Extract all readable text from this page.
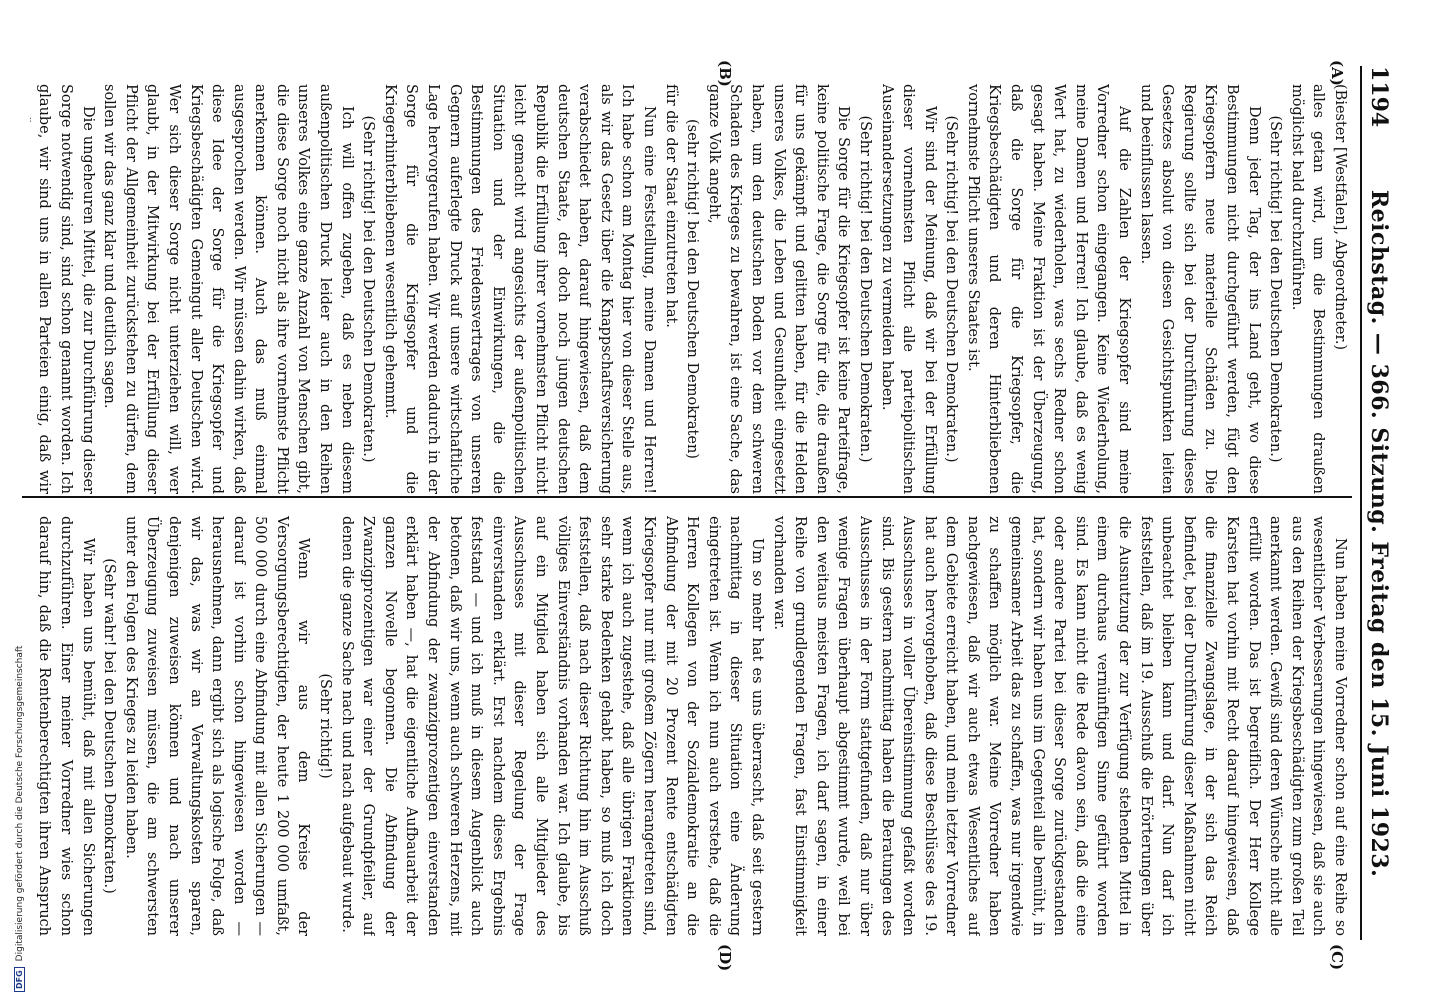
1194
Reichstag. — 366. Sitzung. Freitag den 15. Juni 1923.
(A)
(B)
(C)
(D)

(Biester [Westfalen], Abgeordneter.)

alles getan wird, um die Bestimmungen draußen möglichst bald durchzuführen.

(Sehr richtig! bei den Deutschen Demokraten.)

Denn jeder Tag, der ins Land geht, wo diese Bestimmungen nicht durchgeführt werden, fügt den Kriegsopfern neue materielle Schäden zu. Die Regierung sollte sich bei der Durchführung dieses Gesetzes absolut von diesen Gesichtspunkten leiten und beeinflussen lassen.

Auf die Zahlen der Kriegsopfer sind meine Vorredner schon eingegangen. Keine Wiederholung, meine Damen und Herren! Ich glaube, daß es wenig Wert hat, zu wiederholen, was sechs Redner schon gesagt haben. Meine Fraktion ist der Überzeugung, daß die Sorge für die Kriegsopfer, die Kriegsbeschädigten und deren Hinterbliebenen vornehmste Pflicht unseres Staates ist.

(Sehr richtig! bei den Deutschen Demokraten.)

Wir sind der Meinung, daß wir bei der Erfüllung dieser vornehmsten Pflicht alle parteipolitischen Auseinandersetzungen zu vermeiden haben.

(Sehr richtig! bei den Deutschen Demokraten.)

Die Sorge für die Kriegsopfer ist keine Parteifrage, keine politische Frage, die Sorge für die, die draußen für uns gekämpft und gelitten haben, für die Helden unseres Volkes, die Leben und Gesundheit eingesetzt haben, um den deutschen Boden vor dem schweren Schaden des Krieges zu bewahren, ist eine Sache, das ganze Volk angeht,

(sehr richtig! bei den Deutschen Demokraten)

für die der Staat einzutreten hat.

Nun eine Feststellung, meine Damen und Herren! Ich habe schon am Montag hier von dieser Stelle aus, als wir das Gesetz über die Knappschaftsversicherung verabschiedet haben, darauf hingewiesen, daß dem deutschen Staate, der doch noch jungen deutschen Republik die Erfüllung ihrer vornehmsten Pflicht nicht leicht gemacht wird angesichts der außenpolitischen Situation und der Einwirkungen, die die Bestimmungen des Friedensvertrages von unseren Gegnern auferlegte Druck auf unsere wirtschaftliche Lage hervorgerufen haben. Wir werden dadurch in der Sorge für die Kriegsopfer und die Kriegerhinterbliebenen wesentlich gehemmt.

(Sehr richtig! bei den Deutschen Demokraten.)

Ich will offen zugeben, daß es neben diesem außenpolitischen Druck leider auch in den Reihen unseres Volkes eine ganze Anzahl von Menschen gibt, die diese Sorge noch nicht als ihre vornehmste Pflicht anerkennen können. Auch das muß einmal ausgesprochen werden. Wir müssen dahin wirken, daß diese Idee der Sorge für die Kriegsopfer und Kriegsbeschädigten Gemeingut aller Deutschen wird. Wer sich dieser Sorge nicht unterziehen will, wer glaubt, in der Mitwirkung bei der Erfüllung dieser Pflicht der Allgemeinheit zurückstehen zu dürfen, dem sollen wir das ganz klar und deutlich sagen.

Die ungeheuren Mittel, die zur Durchführung dieser Sorge notwendig sind, sind schon genannt worden. Ich glaube, wir sind uns in allen Parteien einig, daß wir

Nun haben meine Vorredner schon auf eine Reihe so wesentlicher Verbesserungen hingewiesen, daß sie auch aus den Reihen der Kriegsbeschädigten zum großen Teil anerkannt werden. Gewiß sind deren Wünsche nicht alle erfüllt worden. Das ist begreiflich. Der Herr Kollege Karsten hat vorhin mit Recht darauf hingewiesen, daß die finanzielle Zwangslage, in der sich das Reich befindet, bei der Durchführung dieser Maßnahmen nicht unbeachtet bleiben kann und darf. Nun darf ich feststellen, daß im 19. Ausschuß die Erörterungen über die Ausnutzung der zur Verfügung stehenden Mittel in einem durchaus vernünftigen Sinne geführt worden sind. Es kann nicht die Rede davon sein, daß die eine oder andere Partei bei dieser Sorge zurückgestanden hat, sondern wir haben uns im Gegenteil alle bemüht, in gemeinsamer Arbeit das zu schaffen, was nur irgendwie zu schaffen möglich war. Meine Vorredner haben nachgewiesen, daß wir auch etwas Wesentliches auf dem Gebiete erreicht haben, und mein letzter Vorredner hat auch hervorgehoben, daß diese Beschlüsse des 19. Ausschusses in voller Übereinstimmung gefaßt worden sind. Bis gestern nachmittag haben die Beratungen des Ausschusses in der Form stattgefunden, daß nur über wenige Fragen überhaupt abgestimmt wurde, weil bei den weitaus meisten Fragen, ich darf sagen, in einer Reihe von grundlegenden Fragen, fast Einstimmigkeit vorhanden war.

Um so mehr hat es uns überrascht, daß seit gestern nachmittag in dieser Situation eine Änderung eingetreten ist. Wenn ich nun auch verstehe, daß die Herren Kollegen von der Sozialdemokratie an die Abfindung der mit 20 Prozent Rente entschädigten Kriegsopfer nur mit großem Zögern herangetreten sind, wenn ich auch zugestehe, daß alle übrigen Fraktionen sehr starke Bedenken gehabt haben, so muß ich doch feststellen, daß nach dieser Richtung hin im Ausschuß völliges Einverständnis vorhanden war. Ich glaube, bis auf ein Mitglied haben sich alle Mitglieder des Ausschusses mit dieser Regelung der Frage einverstanden erklärt. Erst nachdem dieses Ergebnis feststand — und ich muß in diesem Augenblick auch betonen, daß wir uns, wenn auch schweren Herzens, mit der Abfindung der zwanzigprozentigen einverstanden erklärt haben —, hat die eigentliche Aufbauarbeit der ganzen Novelle begonnen. Die Abfindung der Zwanzigprozentigen war einer der Grundpfeiler, auf denen die ganze Sache nach und nach aufgebaut wurde.

(Sehr richtig!)

Wenn wir aus dem Kreise der Versorgungsberechtigten, der heute 1 200 000 umfaßt, 500 000 durch eine Abfindung mit allen Sicherungen — darauf ist vorhin schon hingewiesen worden — herausnehmen, dann ergibt sich als logische Folge, daß wir das, was wir an Verwaltungskosten sparen, denjenigen zuweisen können und nach unserer Überzeugung zuweisen müssen, die am schwersten unter den Folgen des Krieges zu leiden haben.

(Sehr wahr! bei den Deutschen Demokraten.)

Wir haben uns bemüht, daß mit allen Sicherungen durchzuführen. Einer meiner Vorredner wies schon darauf hin, daß die Rentenberechtigten ihren Anspruch

DFGDigitalisierung gefördert durch die Deutsche Forschungsgemeinschaft
